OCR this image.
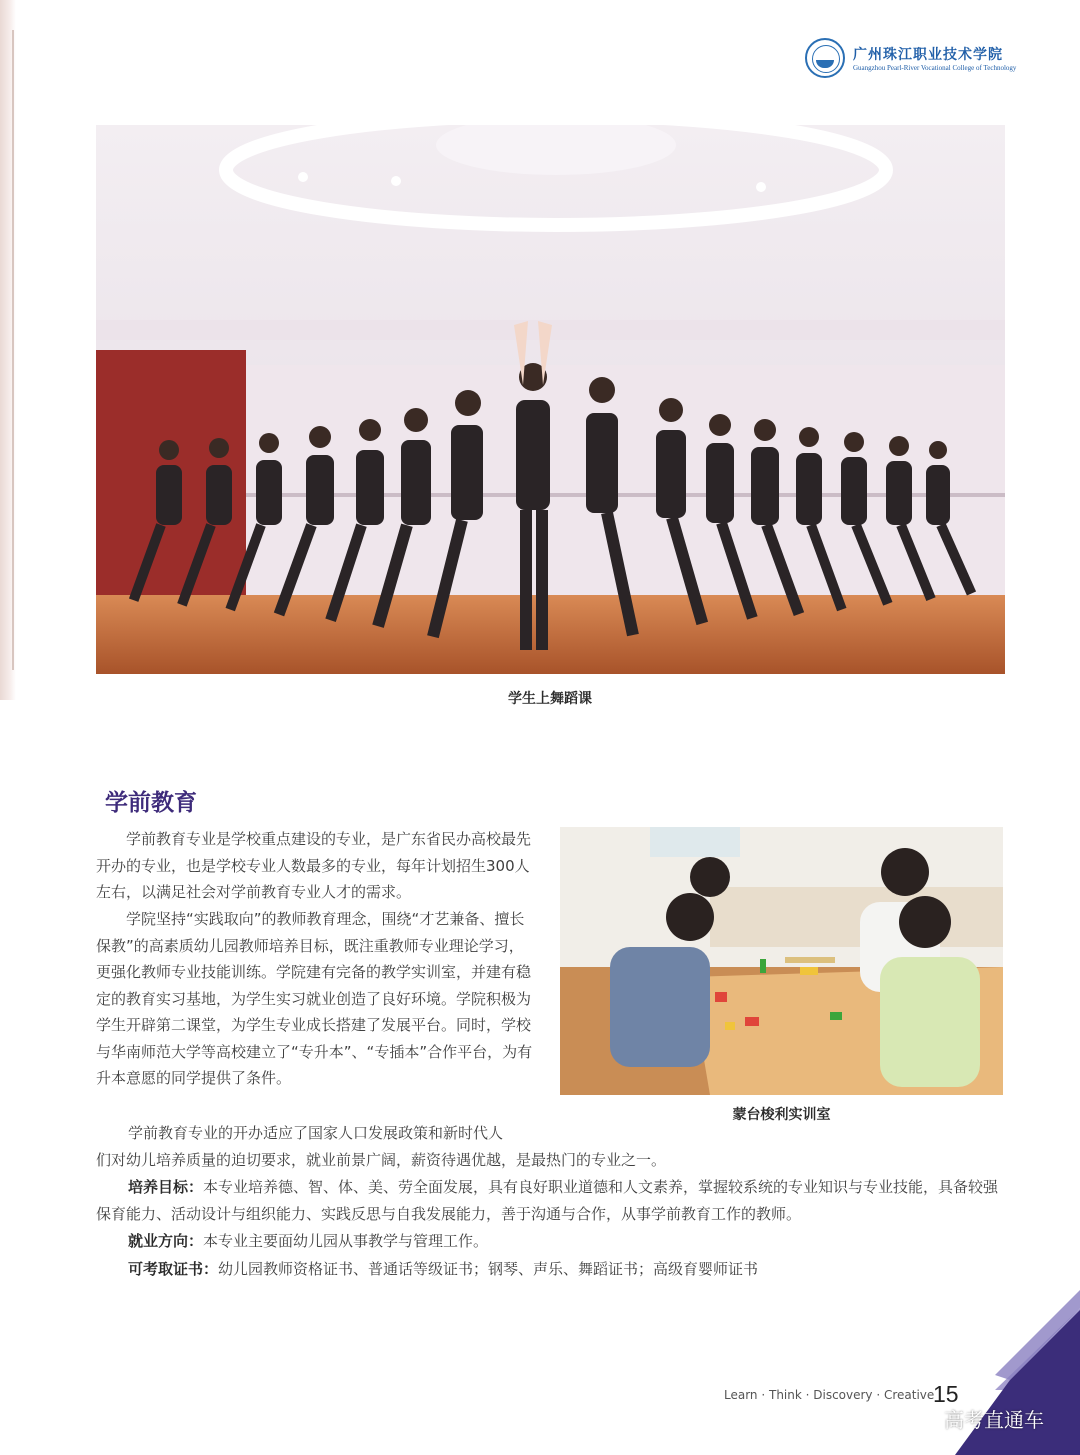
广州珠江职业技术学院
Guangzhou Pearl-River Vocational College of Technology
学生上舞蹈课
学前教育
学前教育专业是学校重点建设的专业，是广东省民办高校最先开办的专业，也是学校专业人数最多的专业，每年计划招生300人左右，以满足社会对学前教育专业人才的需求。
学院坚持“实践取向”的教师教育理念，围绕“才艺兼备、擅长保教”的高素质幼儿园教师培养目标，既注重教师专业理论学习，更强化教师专业技能训练。学院建有完备的教学实训室，并建有稳定的教育实习基地，为学生实习就业创造了良好环境。学院积极为学生开辟第二课堂，为学生专业成长搭建了发展平台。同时，学校与华南师范大学等高校建立了“专升本”、“专插本”合作平台，为有升本意愿的同学提供了条件。
蒙台梭利实训室
学前教育专业的开办适应了国家人口发展政策和新时代人
们对幼儿培养质量的迫切要求，就业前景广阔，薪资待遇优越，是最热门的专业之一。
培养目标：本专业培养德、智、体、美、劳全面发展，具有良好职业道德和人文素养，掌握较系统的专业知识与专业技能，具备较强保育能力、活动设计与组织能力、实践反思与自我发展能力，善于沟通与合作，从事学前教育工作的教师。
就业方向：本专业主要面幼儿园从事教学与管理工作。
可考取证书：幼儿园教师资格证书、普通话等级证书；钢琴、声乐、舞蹈证书；高级育婴师证书
Learn · Think · Discovery · Creative
15
高考直通车
